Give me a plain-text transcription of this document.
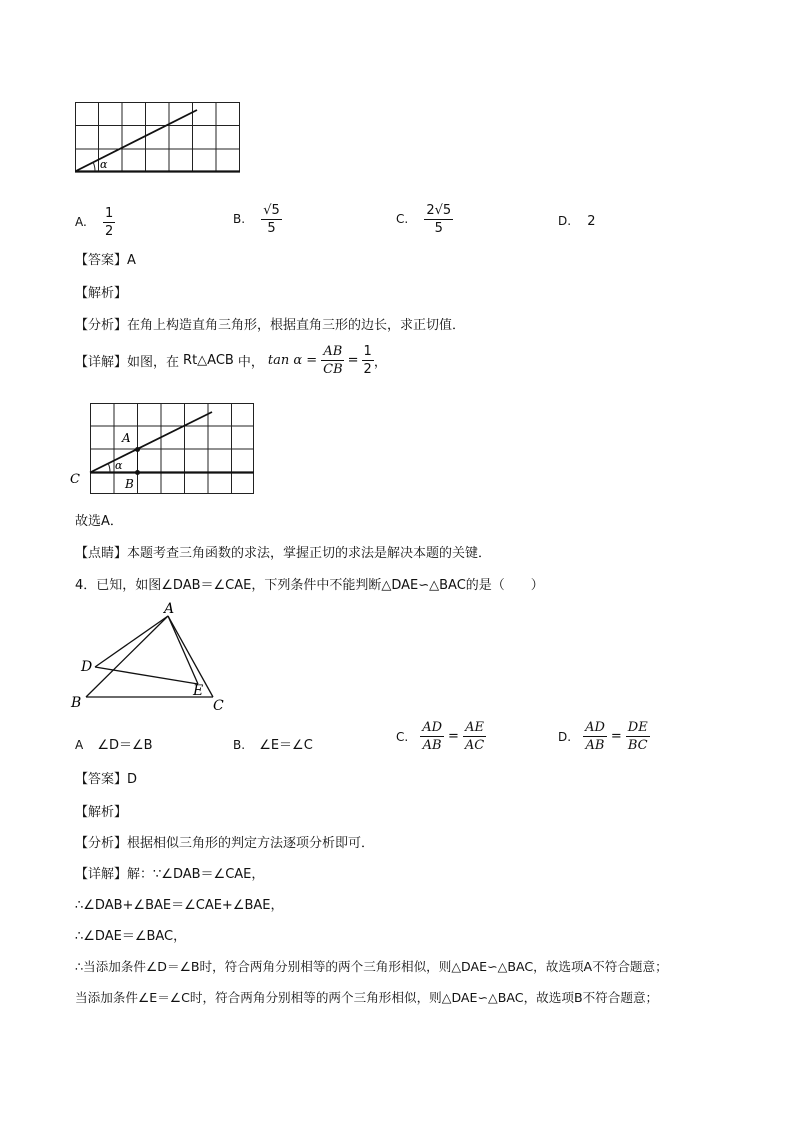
α
A. $\frac{1}{2}$	B. $\frac{√5}{5}$	C. $\frac{2√5}{5}$	D. 2
【答案】A
【解析】
【分析】在角上构造直角三角形，根据直角三形的边长，求正切值．
【详解】 如图，在 Rt△ACB 中， $\tan \alpha = \frac{AB}{CB} = \frac{1}{2}$ ，
A
B
C
α
故选A．
【点睛】本题考查三角函数的求法，掌握正切的求法是解决本题的关键．
4．已知，如图∠DAB＝∠CAE，下列条件中不能判断△DAE∽△BAC的是（　　）
A
D
B
E
C
A ∠D＝∠B	B. ∠E＝∠C
C. $\frac{AD}{AB} = \frac{AE}{AC}$	D. $\frac{AD}{AB} = \frac{DE}{BC}$
【答案】D
【解析】
【分析】根据相似三角形的判定方法逐项分析即可．
【详解】解：∵∠DAB＝∠CAE，
∴∠DAB+∠BAE＝∠CAE+∠BAE，
∴∠DAE＝∠BAC，
∴当添加条件∠D＝∠B时，符合两角分别相等的两个三角形相似，则△DAE∽△BAC，故选项A不符合题意；
当添加条件∠E＝∠C时，符合两角分别相等的两个三角形相似，则△DAE∽△BAC，故选项B不符合题意；
